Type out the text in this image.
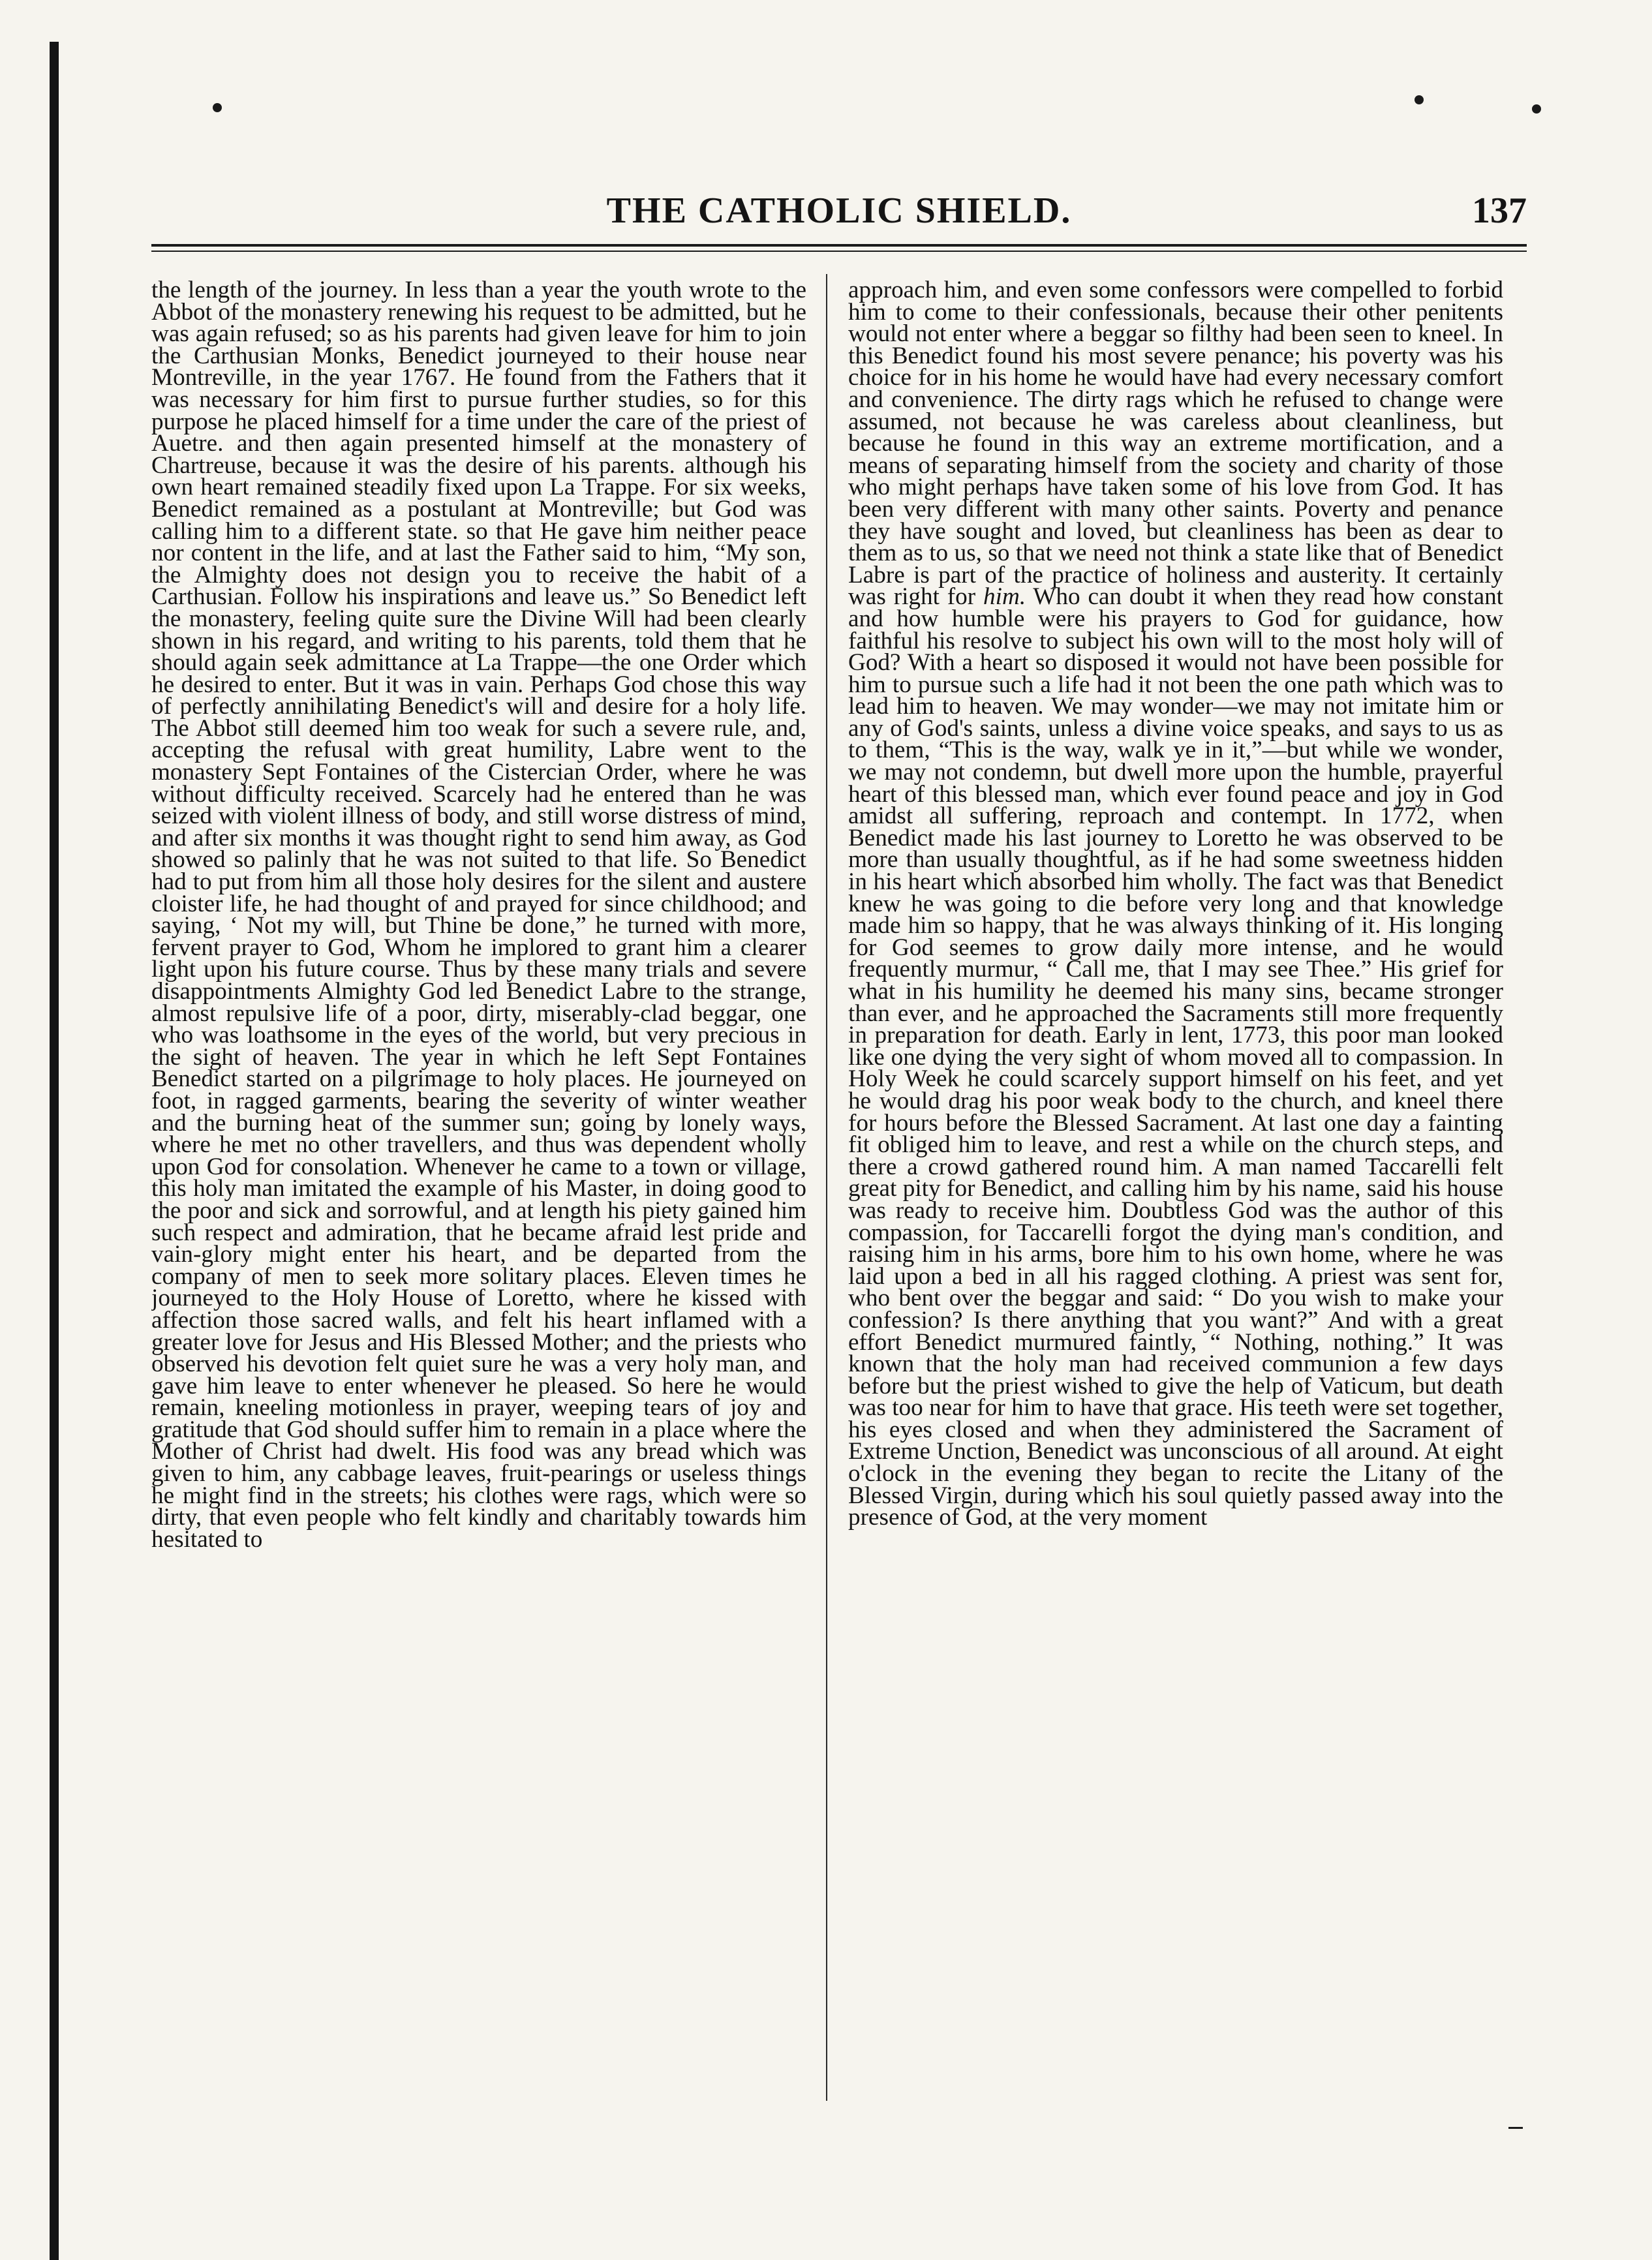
THE CATHOLIC SHIELD.	137
the length of the journey. In less than a year the youth wrote to the Abbot of the monastery renewing his request to be admitted, but he was again refused; so as his parents had given leave for him to join the Carthusian Monks, Benedict journeyed to their house near Montreville, in the year 1767. He found from the Fathers that it was necessary for him first to pursue further studies, so for this purpose he placed himself for a time under the care of the priest of Auetre. and then again presented himself at the monastery of Chartreuse, because it was the desire of his parents. although his own heart remained steadily fixed upon La Trappe. For six weeks, Benedict remained as a postulant at Montreville; but God was calling him to a different state. so that He gave him neither peace nor content in the life, and at last the Father said to him, “My son, the Almighty does not design you to receive the habit of a Carthusian. Follow his inspirations and leave us.” So Benedict left the monastery, feeling quite sure the Divine Will had been clearly shown in his regard, and writing to his parents, told them that he should again seek admittance at La Trappe—the one Order which he desired to enter. But it was in vain. Perhaps God chose this way of perfectly annihilating Benedict's will and desire for a holy life. The Abbot still deemed him too weak for such a severe rule, and, accepting the refusal with great humility, Labre went to the monastery Sept Fontaines of the Cistercian Order, where he was without difficulty received. Scarcely had he entered than he was seized with violent illness of body, and still worse distress of mind, and after six months it was thought right to send him away, as God showed so palinly that he was not suited to that life. So Benedict had to put from him all those holy desires for the silent and austere cloister life, he had thought of and prayed for since childhood; and saying, ‘ Not my will, but Thine be done,” he turned with more, fervent prayer to God, Whom he implored to grant him a clearer light upon his future course. Thus by these many trials and severe disappointments Almighty God led Benedict Labre to the strange, almost repulsive life of a poor, dirty, miserably-clad beggar, one who was loathsome in the eyes of the world, but very precious in the sight of heaven. The year in which he left Sept Fontaines Benedict started on a pilgrimage to holy places. He journeyed on foot, in ragged garments, bearing the severity of winter weather and the burning heat of the summer sun; going by lonely ways, where he met no other travellers, and thus was dependent wholly upon God for consolation. Whenever he came to a town or village, this holy man imitated the example of his Master, in doing good to the poor and sick and sorrowful, and at length his piety gained him such respect and admiration, that he became afraid lest pride and vain-glory might enter his heart, and be departed from the company of men to seek more solitary places. Eleven times he journeyed to the Holy House of Loretto, where he kissed with affection those sacred walls, and felt his heart inflamed with a greater love for Jesus and His Blessed Mother; and the priests who observed his devotion felt quiet sure he was a very holy man, and gave him leave to enter whenever he pleased. So here he would remain, kneeling motionless in prayer, weeping tears of joy and gratitude that God should suffer him to remain in a place where the Mother of Christ had dwelt. His food was any bread which was given to him, any cabbage leaves, fruit-pearings or useless things he might find in the streets; his clothes were rags, which were so dirty, that even people who felt kindly and charitably towards him hesitated to
approach him, and even some confessors were compelled to forbid him to come to their confessionals, because their other penitents would not enter where a beggar so filthy had been seen to kneel. In this Benedict found his most severe penance; his poverty was his choice for in his home he would have had every necessary comfort and convenience. The dirty rags which he refused to change were assumed, not because he was careless about cleanliness, but because he found in this way an extreme mortification, and a means of separating himself from the society and charity of those who might perhaps have taken some of his love from God. It has been very different with many other saints. Poverty and penance they have sought and loved, but cleanliness has been as dear to them as to us, so that we need not think a state like that of Benedict Labre is part of the practice of holiness and austerity. It certainly was right for him. Who can doubt it when they read how constant and how humble were his prayers to God for guidance, how faithful his resolve to subject his own will to the most holy will of God? With a heart so disposed it would not have been possible for him to pursue such a life had it not been the one path which was to lead him to heaven. We may wonder—we may not imitate him or any of God's saints, unless a divine voice speaks, and says to us as to them, “This is the way, walk ye in it,”—but while we wonder, we may not condemn, but dwell more upon the humble, prayerful heart of this blessed man, which ever found peace and joy in God amidst all suffering, reproach and contempt. In 1772, when Benedict made his last journey to Loretto he was observed to be more than usually thoughtful, as if he had some sweetness hidden in his heart which absorbed him wholly. The fact was that Benedict knew he was going to die before very long and that knowledge made him so happy, that he was always thinking of it. His longing for God seemes to grow daily more intense, and he would frequently murmur, “ Call me, that I may see Thee.” His grief for what in his humility he deemed his many sins, became stronger than ever, and he approached the Sacraments still more frequently in preparation for death. Early in lent, 1773, this poor man looked like one dying the very sight of whom moved all to compassion. In Holy Week he could scarcely support himself on his feet, and yet he would drag his poor weak body to the church, and kneel there for hours before the Blessed Sacrament. At last one day a fainting fit obliged him to leave, and rest a while on the church steps, and there a crowd gathered round him. A man named Taccarelli felt great pity for Benedict, and calling him by his name, said his house was ready to receive him. Doubtless God was the author of this compassion, for Taccarelli forgot the dying man's condition, and raising him in his arms, bore him to his own home, where he was laid upon a bed in all his ragged clothing. A priest was sent for, who bent over the beggar and said: “ Do you wish to make your confession? Is there anything that you want?” And with a great effort Benedict murmured faintly, “ Nothing, nothing.” It was known that the holy man had received communion a few days before but the priest wished to give the help of Vaticum, but death was too near for him to have that grace. His teeth were set together, his eyes closed and when they administered the Sacrament of Extreme Unction, Benedict was unconscious of all around. At eight o'clock in the evening they began to recite the Litany of the Blessed Virgin, during which his soul quietly passed away into the presence of God, at the very moment
